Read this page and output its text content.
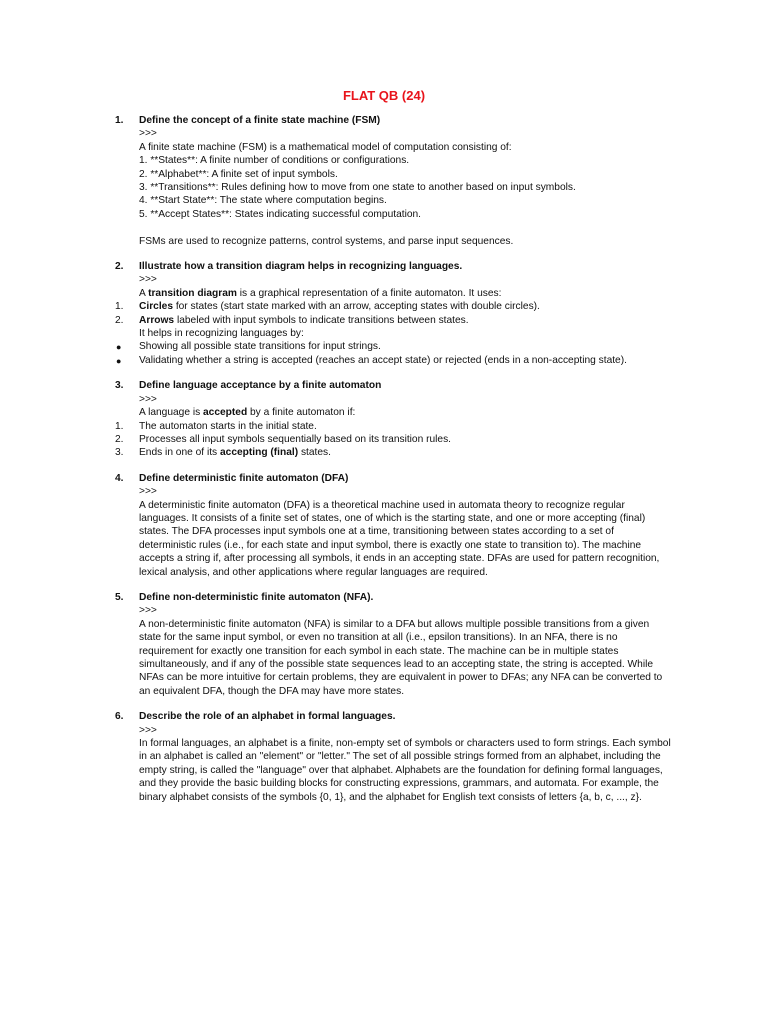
FLAT QB (24)
1. Define the concept of a finite state machine (FSM)
>>>
A finite state machine (FSM) is a mathematical model of computation consisting of:
1. **States**: A finite number of conditions or configurations.
2. **Alphabet**: A finite set of input symbols.
3. **Transitions**: Rules defining how to move from one state to another based on input symbols.
4. **Start State**: The state where computation begins.
5. **Accept States**: States indicating successful computation.
FSMs are used to recognize patterns, control systems, and parse input sequences.
2. Illustrate how a transition diagram helps in recognizing languages.
>>>
A transition diagram is a graphical representation of a finite automaton. It uses:
1. Circles for states (start state marked with an arrow, accepting states with double circles).
2. Arrows labeled with input symbols to indicate transitions between states.
It helps in recognizing languages by:
● Showing all possible state transitions for input strings.
● Validating whether a string is accepted (reaches an accept state) or rejected (ends in a non-accepting state).
3. Define language acceptance by a finite automaton
>>>
A language is accepted by a finite automaton if:
1. The automaton starts in the initial state.
2. Processes all input symbols sequentially based on its transition rules.
3. Ends in one of its accepting (final) states.
4. Define deterministic finite automaton (DFA)
>>>
A deterministic finite automaton (DFA) is a theoretical machine used in automata theory to recognize regular languages. It consists of a finite set of states, one of which is the starting state, and one or more accepting (final) states. The DFA processes input symbols one at a time, transitioning between states according to a set of deterministic rules (i.e., for each state and input symbol, there is exactly one state to transition to). The machine accepts a string if, after processing all symbols, it ends in an accepting state. DFAs are used for pattern recognition, lexical analysis, and other applications where regular languages are required.
5. Define non-deterministic finite automaton (NFA).
>>>
A non-deterministic finite automaton (NFA) is similar to a DFA but allows multiple possible transitions from a given state for the same input symbol, or even no transition at all (i.e., epsilon transitions). In an NFA, there is no requirement for exactly one transition for each symbol in each state. The machine can be in multiple states simultaneously, and if any of the possible state sequences lead to an accepting state, the string is accepted. While NFAs can be more intuitive for certain problems, they are equivalent in power to DFAs; any NFA can be converted to an equivalent DFA, though the DFA may have more states.
6. Describe the role of an alphabet in formal languages.
>>>
In formal languages, an alphabet is a finite, non-empty set of symbols or characters used to form strings. Each symbol in an alphabet is called an "element" or "letter." The set of all possible strings formed from an alphabet, including the empty string, is called the "language" over that alphabet. Alphabets are the foundation for defining formal languages, and they provide the basic building blocks for constructing expressions, grammars, and automata. For example, the binary alphabet consists of the symbols {0, 1}, and the alphabet for English text consists of letters {a, b, c, ..., z}.
